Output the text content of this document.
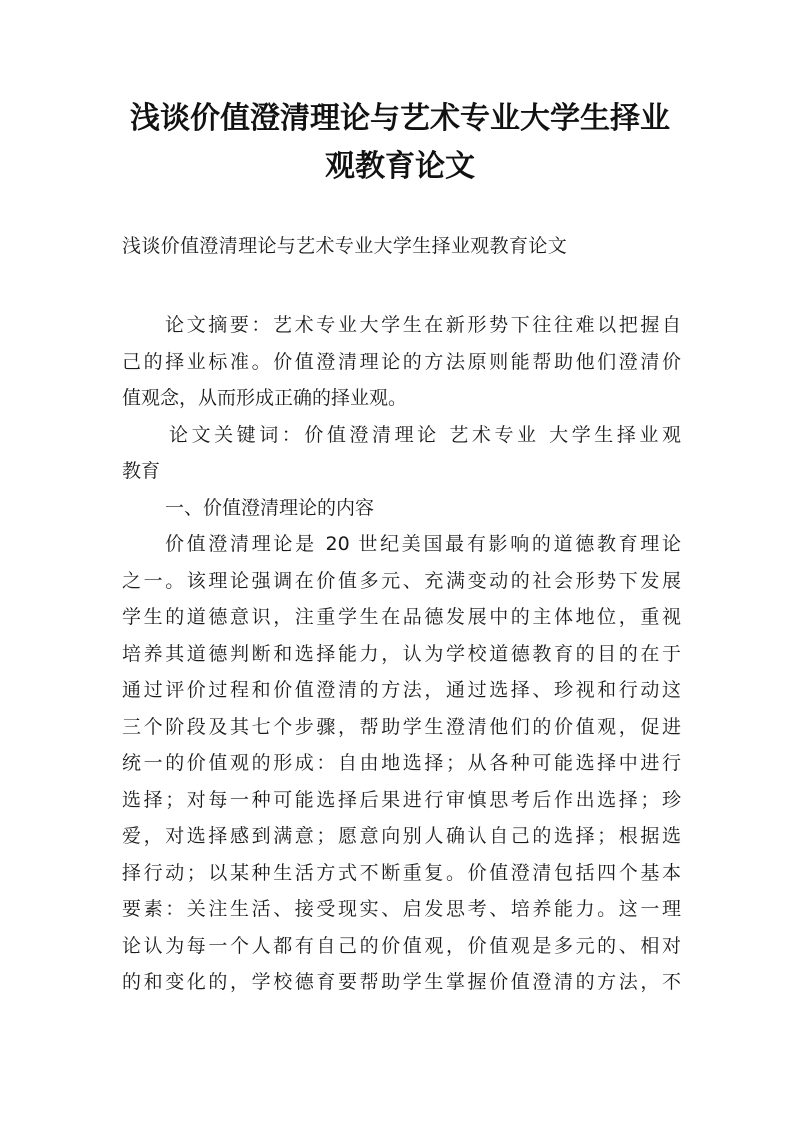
浅谈价值澄清理论与艺术专业大学生择业
观教育论文

浅谈价值澄清理论与艺术专业大学生择业观教育论文

论文摘要：艺术专业大学生在新形势下往往难以把握自
己的择业标准。价值澄清理论的方法原则能帮助他们澄清价
值观念，从而形成正确的择业观。
论文关键词：价值澄清理论 艺术专业 大学生择业观
教育
一、价值澄清理论的内容
价值澄清理论是 20 世纪美国最有影响的道德教育理论
之一。该理论强调在价值多元、充满变动的社会形势下发展
学生的道德意识，注重学生在品德发展中的主体地位，重视
培养其道德判断和选择能力，认为学校道德教育的目的在于
通过评价过程和价值澄清的方法，通过选择、珍视和行动这
三个阶段及其七个步骤，帮助学生澄清他们的价值观，促进
统一的价值观的形成：自由地选择；从各种可能选择中进行
选择；对每一种可能选择后果进行审慎思考后作出选择；珍
爱，对选择感到满意；愿意向别人确认自己的选择；根据选
择行动；以某种生活方式不断重复。价值澄清包括四个基本
要素：关注生活、接受现实、启发思考、培养能力。这一理
论认为每一个人都有自己的价值观，价值观是多元的、相对
的和变化的，学校德育要帮助学生掌握价值澄清的方法，不
